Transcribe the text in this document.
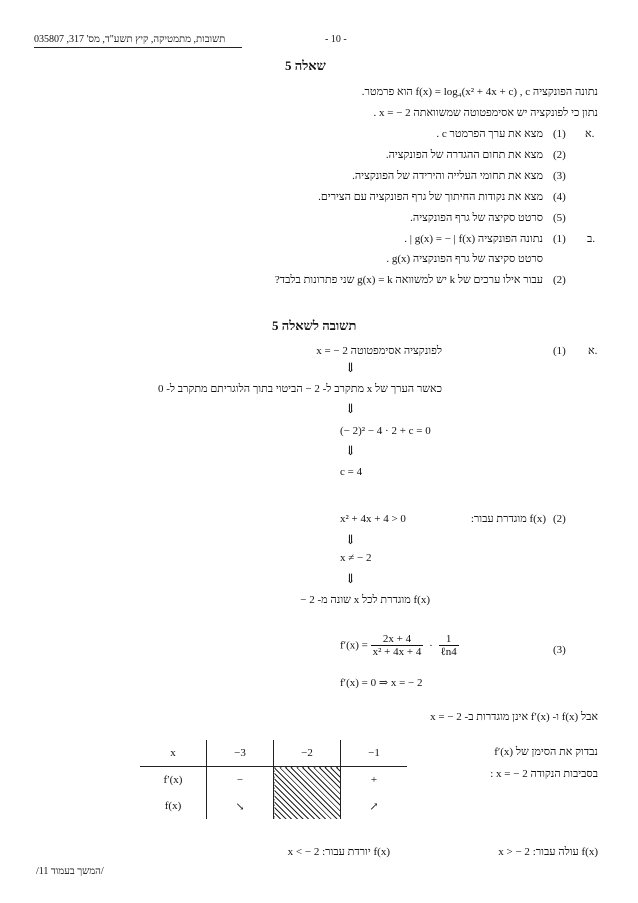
תשובות, מתמטיקה, קיץ תשע"ד, מס' 317, 035807	- 10 -
שאלה 5
נתונה הפונקציה f(x) = log₄(x² + 4x + c) , c הוא פרמטר.
נתון כי לפונקציה יש אסימפטוטה שמשוואתה x = − 2 .
א.
(1)
מצא את ערך הפרמטר c .
(2)
מצא את תחום ההגדרה של הפונקציה.
(3)
מצא את תחומי העלייה והירידה של הפונקציה.
(4)
מצא את נקודות החיתוך של גרף הפונקציה עם הצירים.
(5)
סרטט סקיצה של גרף הפונקציה.
ב.
(1)
נתונה הפונקציה g(x) = − | f(x) | .
סרטט סקיצה של גרף הפונקציה g(x) .
(2)
עבור אילו ערכים של k יש למשוואה g(x) = k שני פתרונות בלבד?
תשובה לשאלה 5
א.
(1)
לפונקציה אסימפטוטה x = − 2
⇓
כאשר הערך של x מתקרב ל- 2 − הביטוי בתוך הלוגריתם מתקרב ל- 0
⇓
(− 2)² − 4 · 2 + c = 0
⇓
c = 4
(2)
f(x) מוגדרת עבור:
x² + 4x + 4 > 0
⇓
x ≠ − 2
⇓
f(x) מוגדרת לכל x שונה מ- 2 −
(3)
$f'(x) = \frac{2x + 4}{\text{x² + 4x + 4}} \cdot \frac{1}{\text{ℓn4}}$
f′(x) = 0 ⇒ x = − 2
אבל f(x) ו- f′(x) אינן מוגדרות ב- x = − 2
נבדוק את הסימן של f′(x)
בסביבות הנקודה x = − 2 :
x	−3	−2	−1
f′(x)	−		+
f(x)	↘		↗
f(x) יורדת עבור: x < − 2	f(x) עולה עבור: x > − 2
/המשך בעמוד 11/
